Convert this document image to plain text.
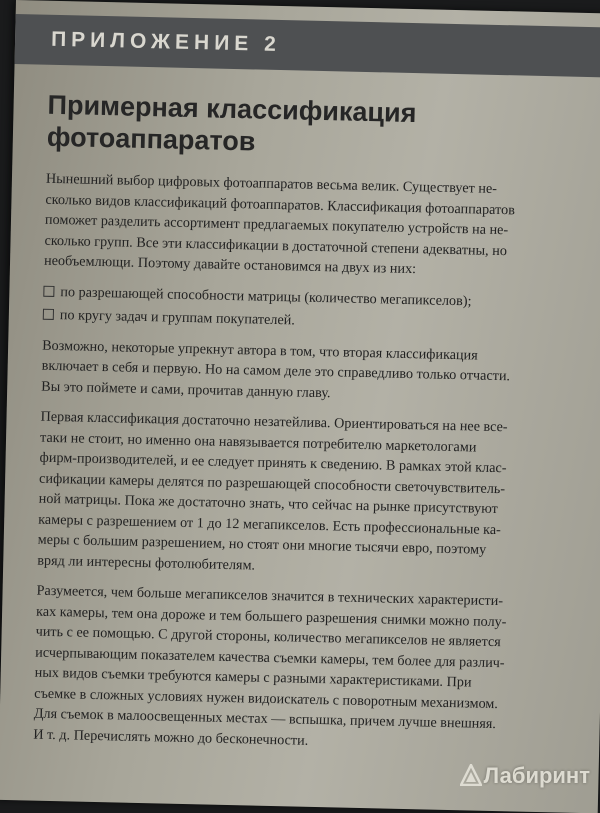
ПРИЛОЖЕНИЕ 2
Примерная классификация
фотоаппаратов

Нынешний выбор цифровых фотоаппаратов весьма велик. Существует не-
сколько видов классификаций фотоаппаратов. Классификация фотоаппаратов
поможет разделить ассортимент предлагаемых покупателю устройств на не-
сколько групп. Все эти классификации в достаточной степени адекватны, но
необъемлющи. Поэтому давайте остановимся на двух из них:

по разрешающей способности матрицы (количество мегапикселов);
по кругу задач и группам покупателей.

Возможно, некоторые упрекнут автора в том, что вторая классификация
включает в себя и первую. Но на самом деле это справедливо только отчасти.
Вы это поймете и сами, прочитав данную главу.

Первая классификация достаточно незатейлива. Ориентироваться на нее все-
таки не стоит, но именно она навязывается потребителю маркетологами
фирм-производителей, и ее следует принять к сведению. В рамках этой клас-
сификации камеры делятся по разрешающей способности светочувствитель-
ной матрицы. Пока же достаточно знать, что сейчас на рынке присутствуют
камеры с разрешением от 1 до 12 мегапикселов. Есть профессиональные ка-
меры с большим разрешением, но стоят они многие тысячи евро, поэтому
вряд ли интересны фотолюбителям.

Разумеется, чем больше мегапикселов значится в технических характеристи-
ках камеры, тем она дороже и тем большего разрешения снимки можно полу-
чить с ее помощью. С другой стороны, количество мегапикселов не является
исчерпывающим показателем качества съемки камеры, тем более для различ-
ных видов съемки требуются камеры с разными характеристиками. При
съемке в сложных условиях нужен видоискатель с поворотным механизмом.
Для съемок в малоосвещенных местах — вспышка, причем лучше внешняя.
И т. д. Перечислять можно до бесконечности.

Лабиринт
